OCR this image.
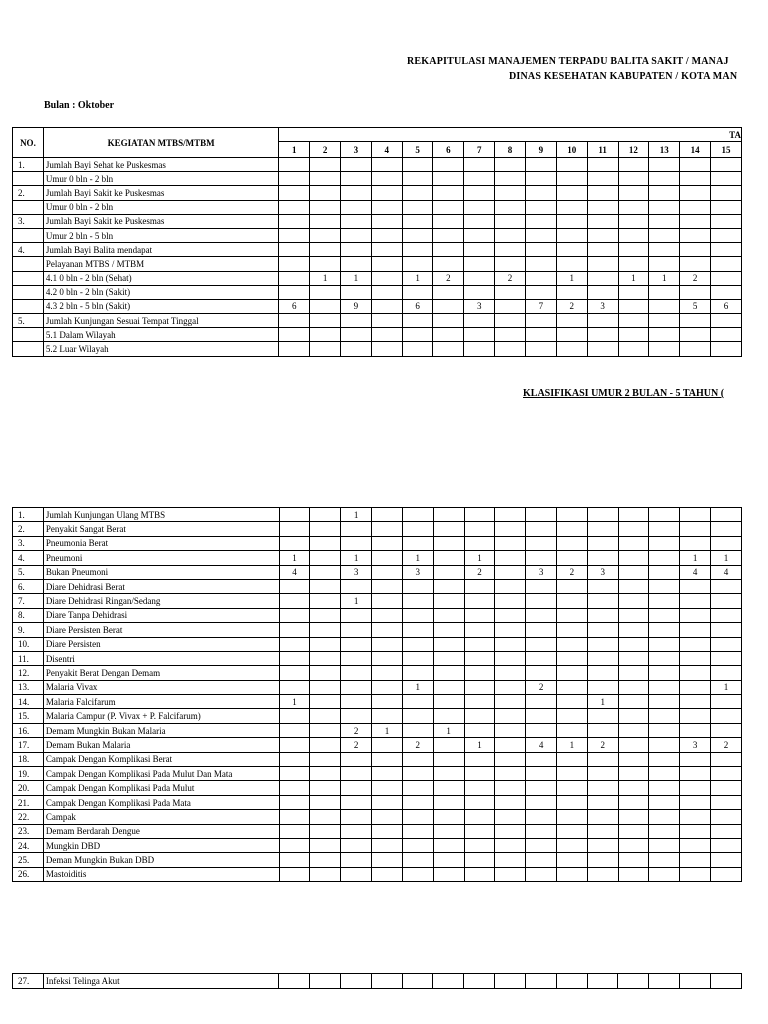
REKAPITULASI MANAJEMEN TERPADU BALITA SAKIT / MANAJ
DINAS KESEHATAN KABUPATEN / KOTA MAN
Bulan : Oktober
KLASIFIKASI UMUR 2 BULAN - 5 TAHUN (
NO.	KEGIATAN MTBS/MTBM	TA														
		1	2	3	4	5	6	7	8	9	10	11	12	13	14	15
1.	Jumlah Bayi Sehat ke Puskesmas															
	Umur 0 bln - 2 bln															
2.	Jumlah Bayi Sakit ke Puskesmas															
	Umur 0 bln - 2 bln															
3.	Jumlah Bayi Sakit ke Puskesmas															
	Umur 2 bln - 5 bln															
4.	Jumlah Bayi Balita mendapat															
	Pelayanan MTBS / MTBM															
	4.1 0 bln - 2 bln (Sehat)		1	1		1	2		2		1		1	1	2	
	4.2 0 bln - 2 bln (Sakit)															
	4.3 2 bln - 5 bln (Sakit)	6		9		6		3		7	2	3			5	6
5.	Jumlah Kunjungan Sesuai Tempat Tinggal															
	5.1 Dalam Wilayah															
	5.2 Luar Wilayah															
1.	Jumlah Kunjungan Ulang MTBS			1												
2.	Penyakit Sangat Berat															
3.	Pneumonia Berat															
4.	Pneumoni	1		1		1		1							1	1
5.	Bukan Pneumoni	4		3		3		2		3	2	3			4	4
6.	Diare Dehidrasi Berat															
7.	Diare Dehidrasi Ringan/Sedang			1												
8.	Diare Tanpa Dehidrasi															
9.	Diare Persisten Berat															
10.	Diare Persisten															
11.	Disentri															
12.	Penyakit Berat Dengan Demam															
13.	Malaria Vivax					1				2						1
14.	Malaria Falcifarum	1										1				
15.	Malaria Campur (P. Vivax + P. Falcifarum)															
16.	Demam Mungkin Bukan Malaria			2	1		1									
17.	Demam Bukan Malaria			2		2		1		4	1	2			3	2
18.	Campak Dengan Komplikasi Berat															
19.	Campak Dengan Komplikasi Pada Mulut Dan Mata															
20.	Campak Dengan Komplikasi Pada Mulut															
21.	Campak Dengan Komplikasi Pada Mata															
22.	Campak															
23.	Demam Berdarah Dengue															
24.	Mungkin DBD															
25.	Deman Mungkin Bukan DBD															
26.	Mastoiditis															
27.	Infeksi Telinga Akut															
